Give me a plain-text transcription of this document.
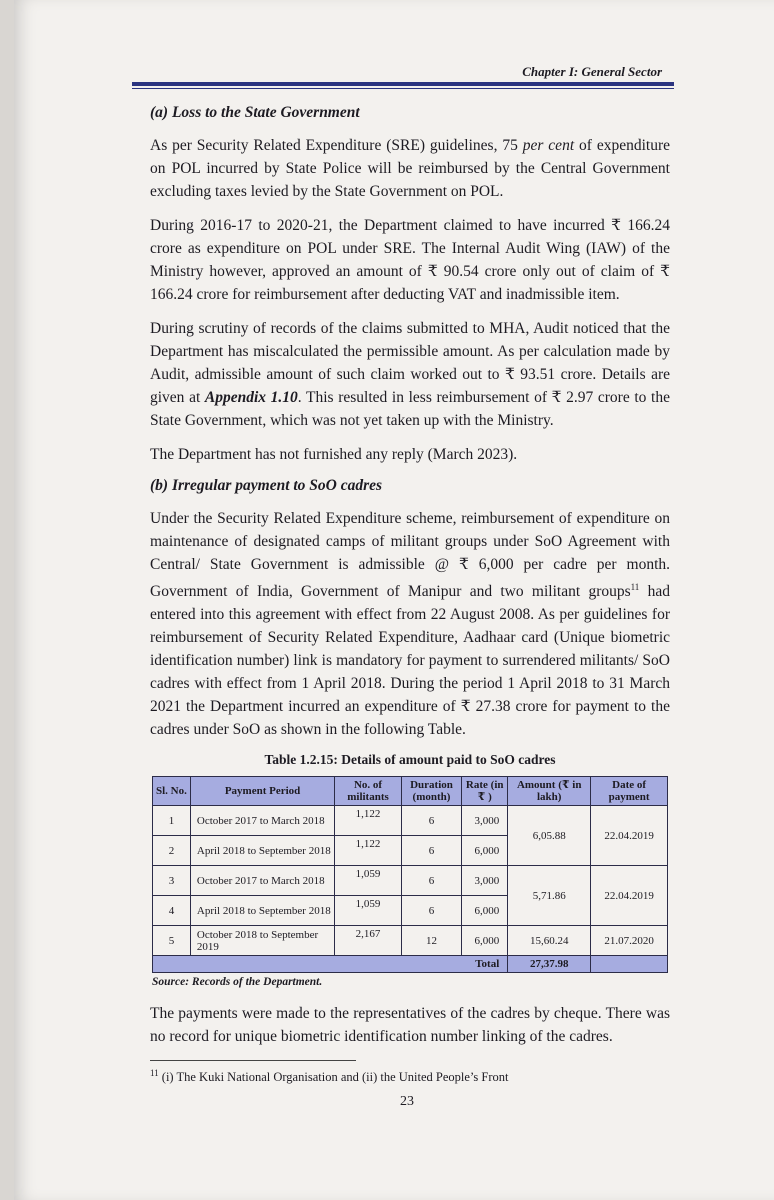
Chapter I: General Sector
(a) Loss to the State Government

As per Security Related Expenditure (SRE) guidelines, 75 per cent of expenditure on POL incurred by State Police will be reimbursed by the Central Government excluding taxes levied by the State Government on POL.

During 2016-17 to 2020-21, the Department claimed to have incurred ₹ 166.24 crore as expenditure on POL under SRE. The Internal Audit Wing (IAW) of the Ministry however, approved an amount of ₹ 90.54 crore only out of claim of ₹ 166.24 crore for reimbursement after deducting VAT and inadmissible item.

During scrutiny of records of the claims submitted to MHA, Audit noticed that the Department has miscalculated the permissible amount. As per calculation made by Audit, admissible amount of such claim worked out to ₹ 93.51 crore. Details are given at Appendix 1.10. This resulted in less reimbursement of ₹ 2.97 crore to the State Government, which was not yet taken up with the Ministry.

The Department has not furnished any reply (March 2023).

(b) Irregular payment to SoO cadres

Under the Security Related Expenditure scheme, reimbursement of expenditure on maintenance of designated camps of militant groups under SoO Agreement with Central/ State Government is admissible @ ₹ 6,000 per cadre per month. Government of India, Government of Manipur and two militant groups$^{11}$ had entered into this agreement with effect from 22 August 2008. As per guidelines for reimbursement of Security Related Expenditure, Aadhaar card (Unique biometric identification number) link is mandatory for payment to surrendered militants/ SoO cadres with effect from 1 April 2018. During the period 1 April 2018 to 31 March 2021 the Department incurred an expenditure of ₹ 27.38 crore for payment to the cadres under SoO as shown in the following Table.

Table 1.2.15: Details of amount paid to SoO cadres
Sl. No.	Payment Period	No. of militants	Duration (month)	Rate (in ₹ )	Amount (₹ in lakh)	Date of payment
1	October 2017 to March 2018	1,122	6	3,000	6,05.88	22.04.2019
2	April 2018 to September 2018	1,122	6	6,000		
3	October 2017 to March 2018	1,059	6	3,000	5,71.86	22.04.2019
4	April 2018 to September 2018	1,059	6	6,000		
5	October 2018 to September 2019	2,167	12	6,000	15,60.24	21.07.2020
Total					27,37.98	
Source: Records of the Department.

The payments were made to the representatives of the cadres by cheque. There was no record for unique biometric identification number linking of the cadres.

$^{11}$ (i) The Kuki National Organisation and (ii) the United People’s Front
23
